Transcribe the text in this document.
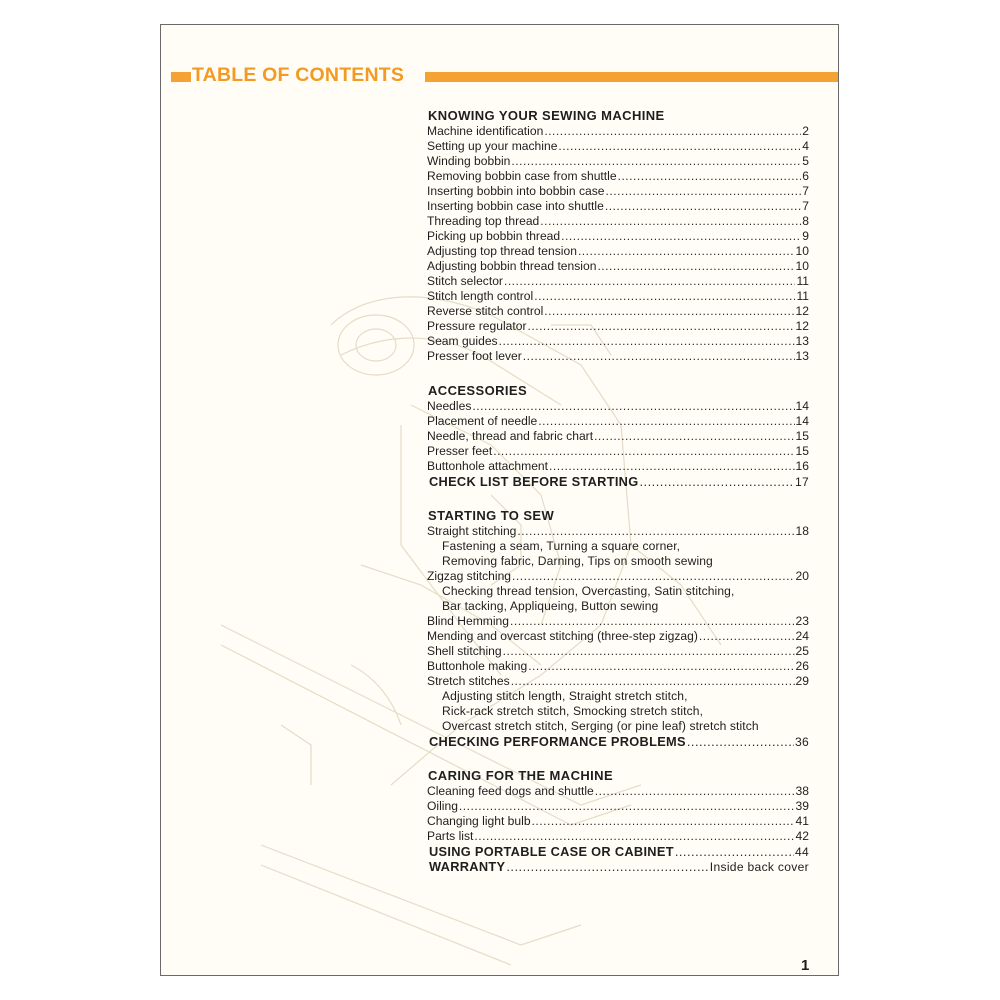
TABLE OF CONTENTS
KNOWING YOUR SEWING MACHINE
Machine identification .....	2
Setting up your machine .....	4
Winding bobbin .....	5
Removing bobbin case from shuttle .....	6
Inserting bobbin into bobbin case .....	7
Inserting bobbin case into shuttle .....	7
Threading top thread .....	8
Picking up bobbin thread .....	9
Adjusting top thread tension .....	10
Adjusting bobbin thread tension .....	10
Stitch selector .....	11
Stitch length control .....	11
Reverse stitch control .....	12
Pressure regulator .....	12
Seam guides .....	13
Presser foot lever .....	13
ACCESSORIES
Needles .....	14
Placement of needle .....	14
Needle, thread and fabric chart .....	15
Presser feet .....	15
Buttonhole attachment .....	16
CHECK LIST BEFORE STARTING .....	17
STARTING TO SEW
Straight stitching .....	18
Fastening a seam, Turning a square corner,
Removing fabric, Darning, Tips on smooth sewing
Zigzag stitching .....	20
Checking thread tension, Overcasting, Satin stitching,
Bar tacking, Appliqueing, Button sewing
Blind Hemming .....	23
Mending and overcast stitching (three-step zigzag) .....	24
Shell stitching .....	25
Buttonhole making .....	26
Stretch stitches .....	29
Adjusting stitch length, Straight stretch stitch,
Rick-rack stretch stitch, Smocking stretch stitch,
Overcast stretch stitch, Serging (or pine leaf) stretch stitch
CHECKING PERFORMANCE PROBLEMS .....	36
CARING FOR THE MACHINE
Cleaning feed dogs and shuttle .....	38
Oiling .....	39
Changing light bulb .....	41
Parts list .....	42
USING PORTABLE CASE OR CABINET .....	44
WARRANTY .....	Inside back cover
1
